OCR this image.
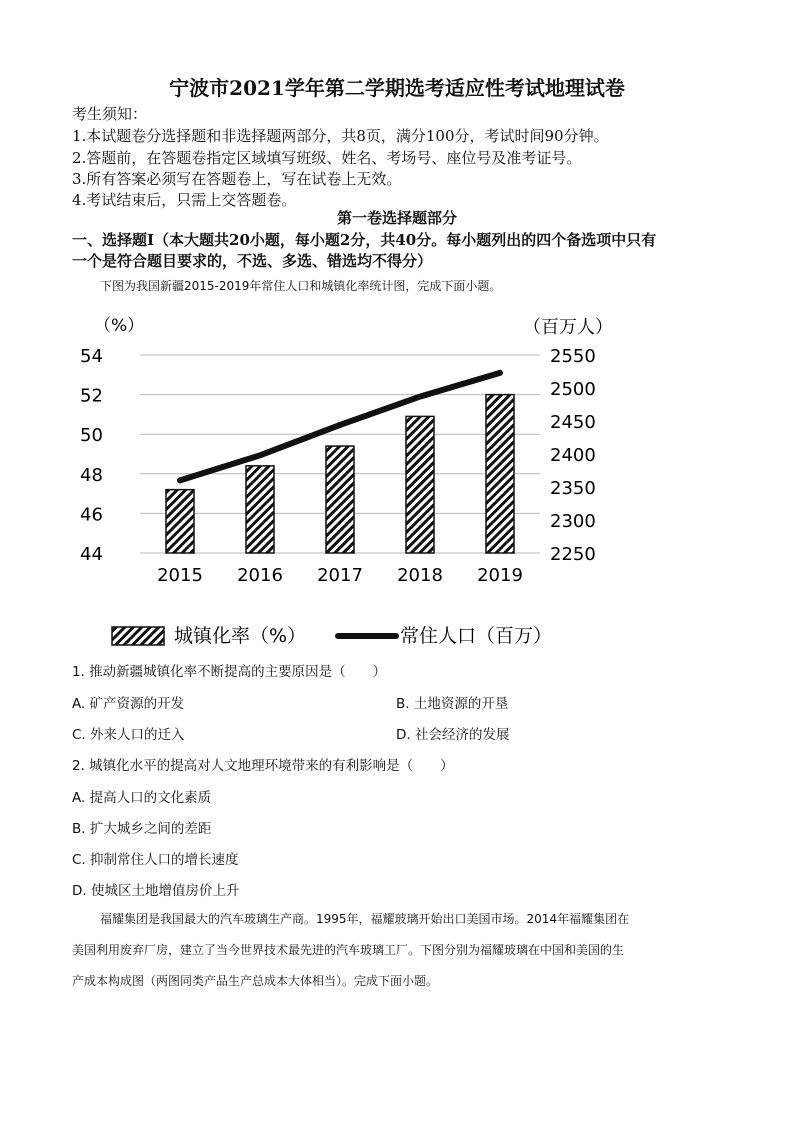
宁波市2021学年第二学期选考适应性考试地理试卷
考生须知：
1.本试题卷分选择题和非选择题两部分，共8页，满分100分，考试时间90分钟。
2.答题前，在答题卷指定区域填写班级、姓名、考场号、座位号及准考证号。
3.所有答案必须写在答题卷上，写在试卷上无效。
4.考试结束后，只需上交答题卷。
第一卷选择题部分
一、选择题Ⅰ（本大题共20小题，每小题2分，共40分。每小题列出的四个备选项中只有
一个是符合题目要求的，不选、多选、错选均不得分）
下图为我国新疆2015-2019年常住人口和城镇化率统计图，完成下面小题。
（%）	（百万人）
44
46
48
50
52
54
2250
2300
2350
2400
2450
2500
2550
2015 2016 2017 2018 2019
城镇化率（%）	常住人口（百万）
1. 推动新疆城镇化率不断提高的主要原因是（　　）
A. 矿产资源的开发	B. 土地资源的开垦
C. 外来人口的迁入	D. 社会经济的发展
2. 城镇化水平的提高对人文地理环境带来的有利影响是（　　）
A. 提高人口的文化素质
B. 扩大城乡之间的差距
C. 抑制常住人口的增长速度
D. 使城区土地增值房价上升
福耀集团是我国最大的汽车玻璃生产商。1995年，福耀玻璃开始出口美国市场。2014年福耀集团在
美国利用废弃厂房，建立了当今世界技术最先进的汽车玻璃工厂。下图分别为福耀玻璃在中国和美国的生
产成本构成图（两图同类产品生产总成本大体相当）。完成下面小题。
